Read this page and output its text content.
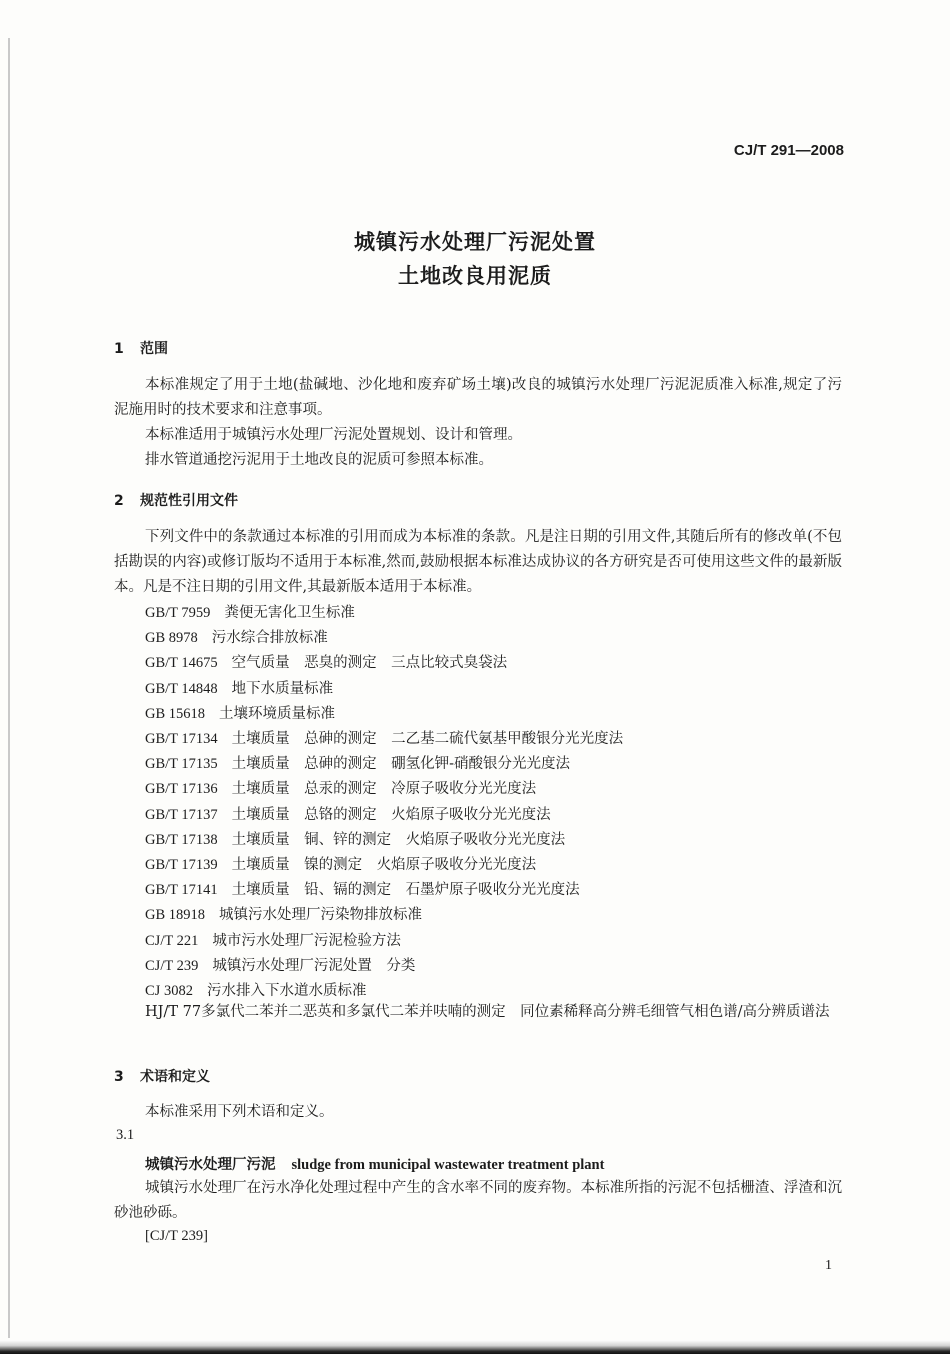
CJ/T 291—2008
城镇污水处理厂污泥处置
土地改良用泥质
1 范围

本标准规定了用于土地(盐碱地、沙化地和废弃矿场土壤)改良的城镇污水处理厂污泥泥质准入标准,规定了污泥施用时的技术要求和注意事项。

本标准适用于城镇污水处理厂污泥处置规划、设计和管理。

排水管道通挖污泥用于土地改良的泥质可参照本标准。

2 规范性引用文件

下列文件中的条款通过本标准的引用而成为本标准的条款。凡是注日期的引用文件,其随后所有的修改单(不包括勘误的内容)或修订版均不适用于本标准,然而,鼓励根据本标准达成协议的各方研究是否可使用这些文件的最新版本。凡是不注日期的引用文件,其最新版本适用于本标准。

GB/T 7959 粪便无害化卫生标准
GB 8978 污水综合排放标准
GB/T 14675 空气质量　恶臭的测定　三点比较式臭袋法
GB/T 14848 地下水质量标准
GB 15618 土壤环境质量标准
GB/T 17134 土壤质量　总砷的测定　二乙基二硫代氨基甲酸银分光光度法
GB/T 17135 土壤质量　总砷的测定　硼氢化钾-硝酸银分光光度法
GB/T 17136 土壤质量　总汞的测定　冷原子吸收分光光度法
GB/T 17137 土壤质量　总铬的测定　火焰原子吸收分光光度法
GB/T 17138 土壤质量　铜、锌的测定　火焰原子吸收分光光度法
GB/T 17139 土壤质量　镍的测定　火焰原子吸收分光光度法
GB/T 17141 土壤质量　铅、镉的测定　石墨炉原子吸收分光光度法
GB 18918 城镇污水处理厂污染物排放标准
CJ/T 221 城市污水处理厂污泥检验方法
CJ/T 239 城镇污水处理厂污泥处置　分类
CJ 3082 污水排入下水道水质标准

HJ/T 77多氯代二苯并二恶英和多氯代二苯并呋喃的测定　同位素稀释高分辨毛细管气相色谱/高分辨质谱法

3 术语和定义

本标准采用下列术语和定义。

3.1
城镇污水处理厂污泥 sludge from municipal wastewater treatment plant

城镇污水处理厂在污水净化处理过程中产生的含水率不同的废弃物。本标准所指的污泥不包括栅渣、浮渣和沉砂池砂砾。

[CJ/T 239]
1
